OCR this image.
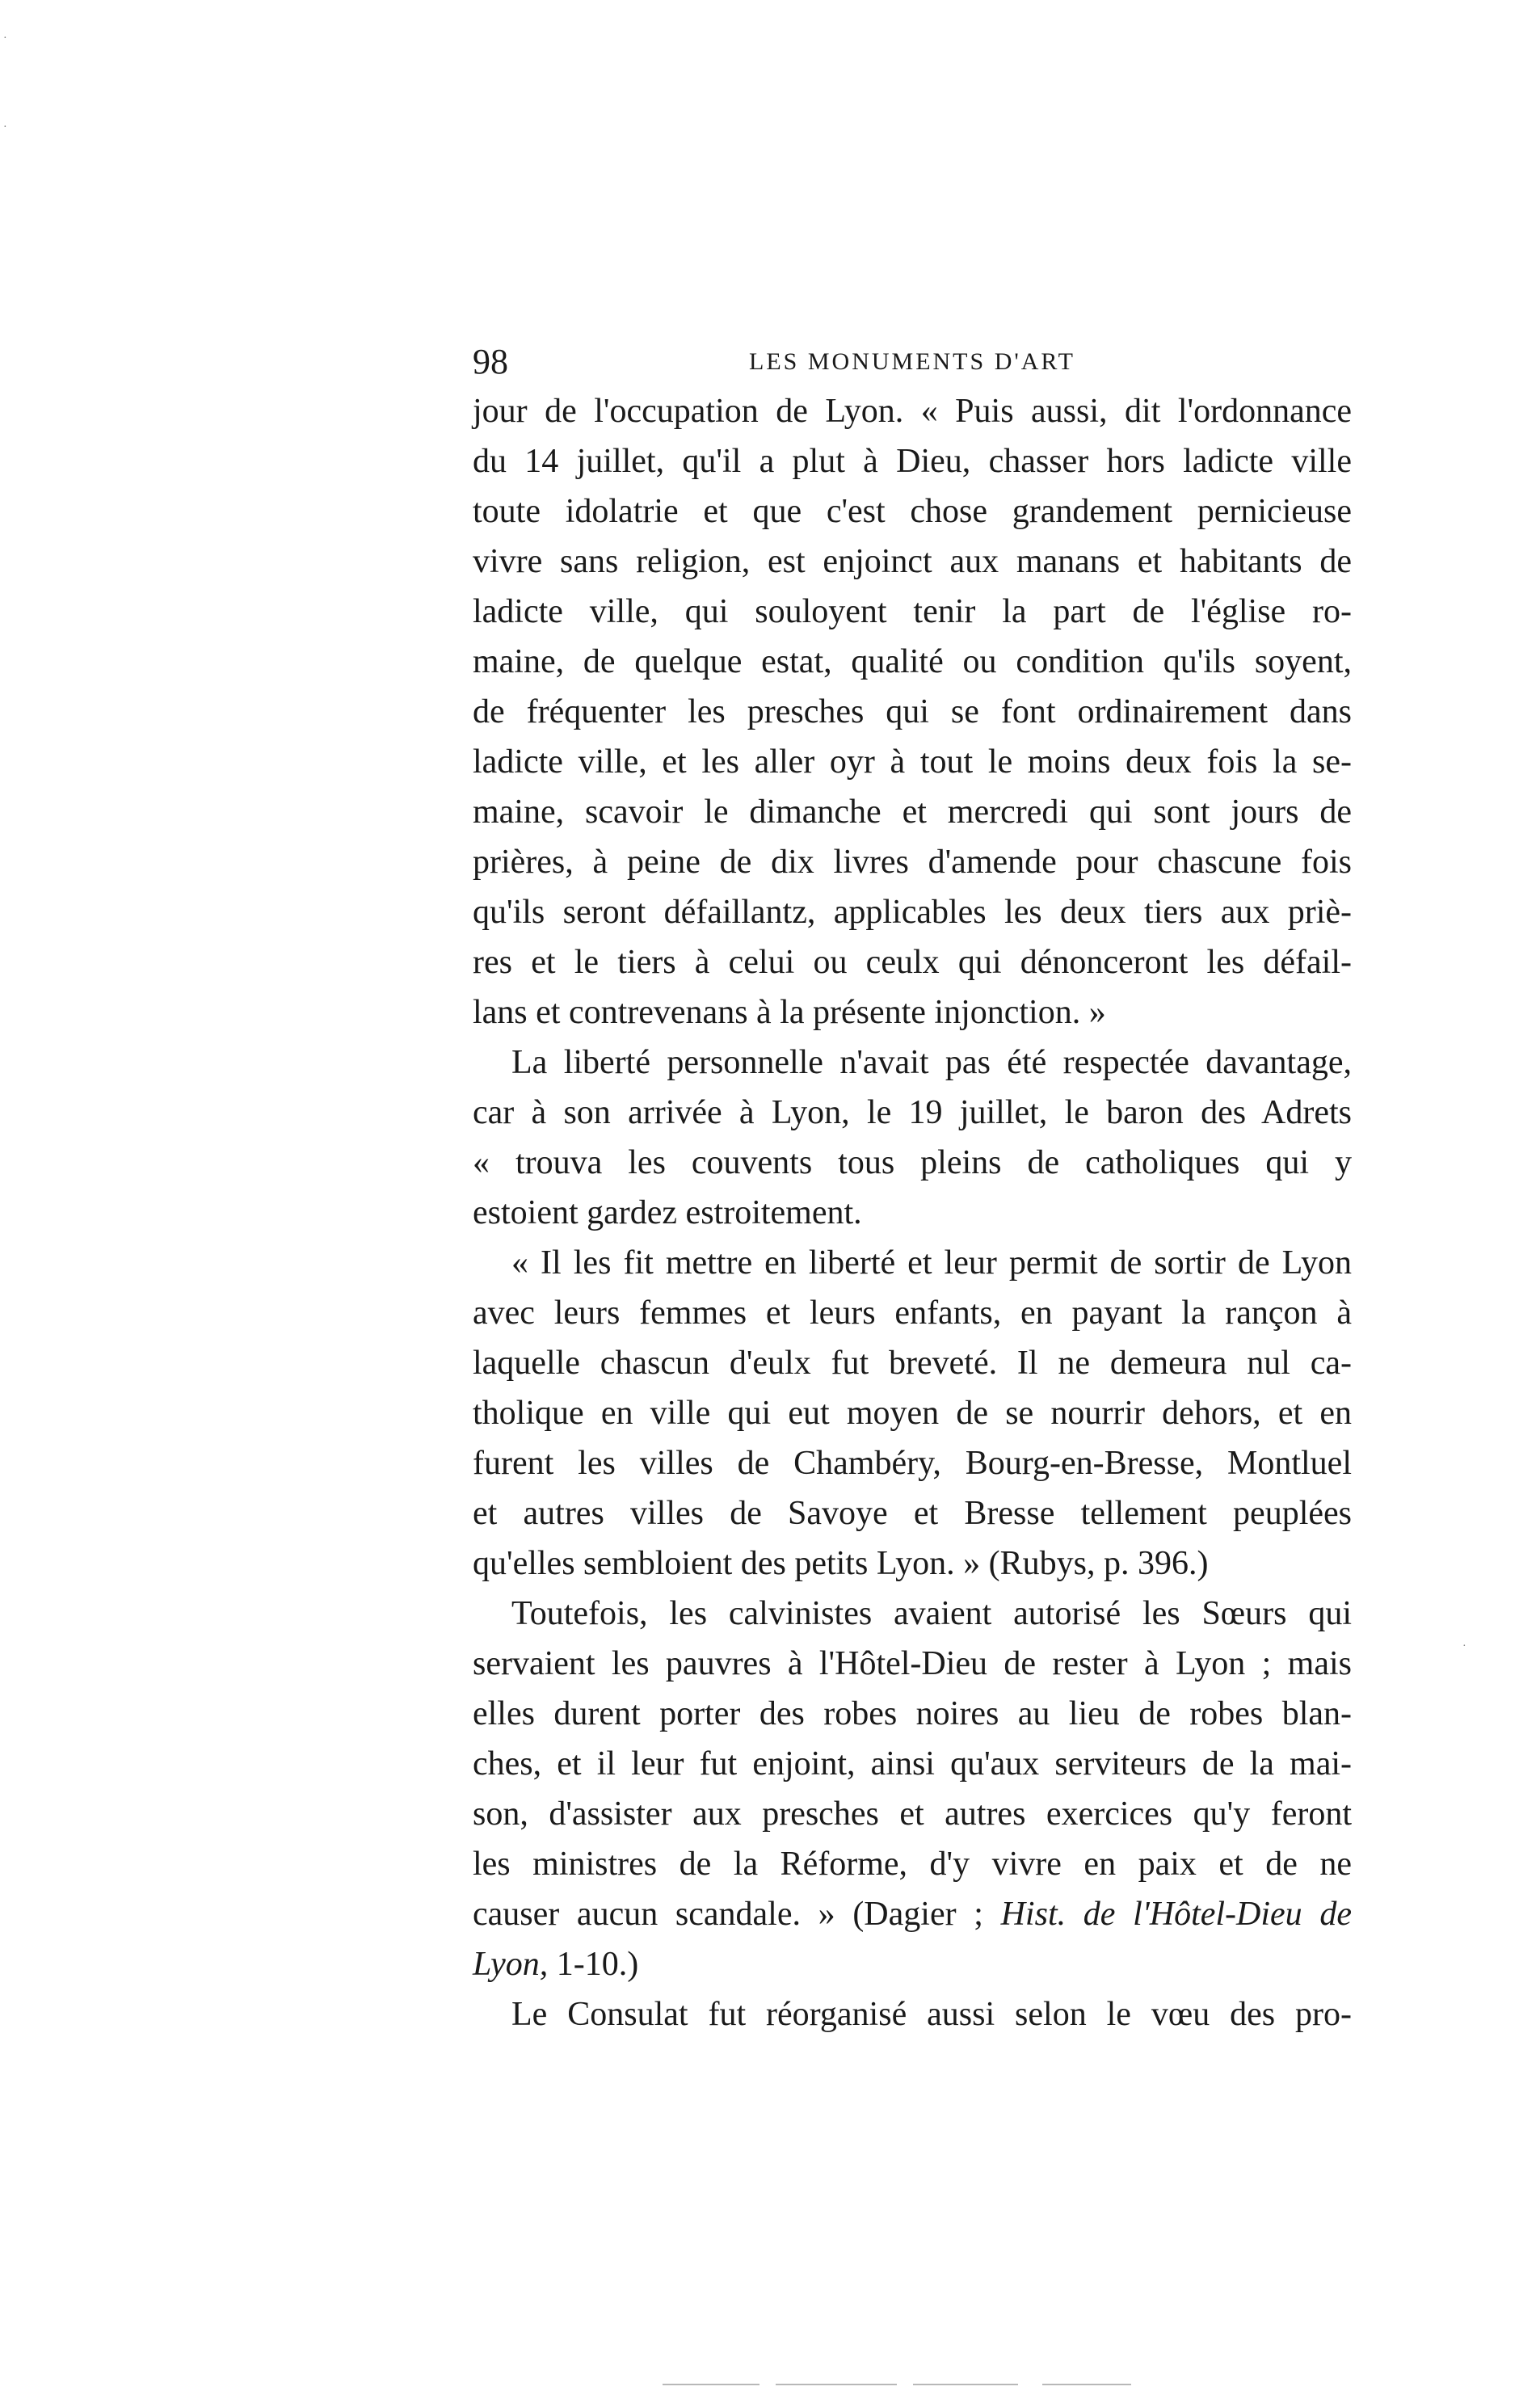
·
·
·
98	LES MONUMENTS D'ART
jour de l'occupation de Lyon. « Puis aussi, dit l'ordonnance
du 14 juillet, qu'il a plut à Dieu, chasser hors ladicte ville
toute idolatrie et que c'est chose grandement pernicieuse
vivre sans religion, est enjoinct aux manans et habitants de
ladicte ville, qui souloyent tenir la part de l'église ro-
maine, de quelque estat, qualité ou condition qu'ils soyent,
de fréquenter les presches qui se font ordinairement dans
ladicte ville, et les aller oyr à tout le moins deux fois la se-
maine, scavoir le dimanche et mercredi qui sont jours de
prières, à peine de dix livres d'amende pour chascune fois
qu'ils seront défaillantz, applicables les deux tiers aux priè-
res et le tiers à celui ou ceulx qui dénonceront les défail-
lans et contrevenans à la présente injonction. »
La liberté personnelle n'avait pas été respectée davantage,
car à son arrivée à Lyon, le 19 juillet, le baron des Adrets
« trouva les couvents tous pleins de catholiques qui y
estoient gardez estroitement.
« Il les fit mettre en liberté et leur permit de sortir de Lyon
avec leurs femmes et leurs enfants, en payant la rançon à
laquelle chascun d'eulx fut breveté. Il ne demeura nul ca-
tholique en ville qui eut moyen de se nourrir dehors, et en
furent les villes de Chambéry, Bourg-en-Bresse, Montluel
et autres villes de Savoye et Bresse tellement peuplées
qu'elles sembloient des petits Lyon. » (Rubys, p. 396.)
Toutefois, les calvinistes avaient autorisé les Sœurs qui
servaient les pauvres à l'Hôtel-Dieu de rester à Lyon ; mais
elles durent porter des robes noires au lieu de robes blan-
ches, et il leur fut enjoint, ainsi qu'aux serviteurs de la mai-
son, d'assister aux presches et autres exercices qu'y feront
les ministres de la Réforme, d'y vivre en paix et de ne
causer aucun scandale. » (Dagier ; Hist. de l'Hôtel-Dieu de
Lyon, 1-10.)
Le Consulat fut réorganisé aussi selon le vœu des pro-
